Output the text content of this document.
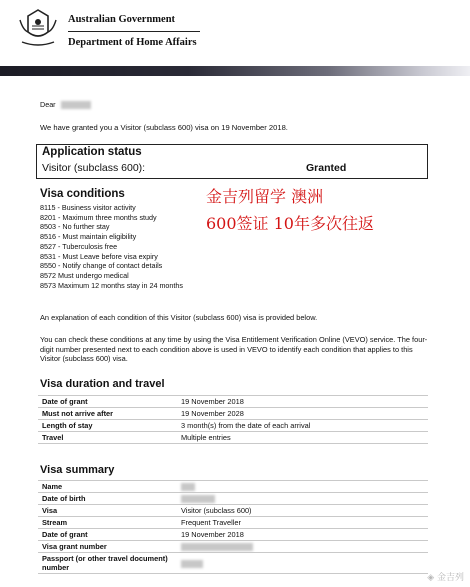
Australian Government
Department of Home Affairs
Dear
We have granted you a Visitor (subclass 600) visa on 19 November 2018.
Application status
Visitor (subclass 600):	Granted
Visa conditions
8115 - Business visitor activity
8201 - Maximum three months study
8503 - No further stay
8516 - Must maintain eligibility
8527 - Tuberculosis free
8531 - Must Leave before visa expiry
8550 - Notify change of contact details
8572 Must undergo medical
8573 Maximum 12 months stay in 24 months
金吉列留学 澳洲
600签证 10年多次往返
An explanation of each condition of this Visitor (subclass 600) visa is provided below.
You can check these conditions at any time by using the Visa Entitlement Verification Online (VEVO) service. The four-digit number presented next to each condition above is used in VEVO to identify each condition that applies to this Visitor (subclass 600) visa.
Visa duration and travel
Date of grant	19 November 2018
Must not arrive after	19 November 2028
Length of stay	3 month(s) from the date of each arrival
Travel	Multiple entries
Visa summary
Name	
Date of birth	
Visa	Visitor (subclass 600)
Stream	Frequent Traveller
Date of grant	19 November 2018
Visa grant number	
Passport (or other travel document) number	
◈ 金吉列
